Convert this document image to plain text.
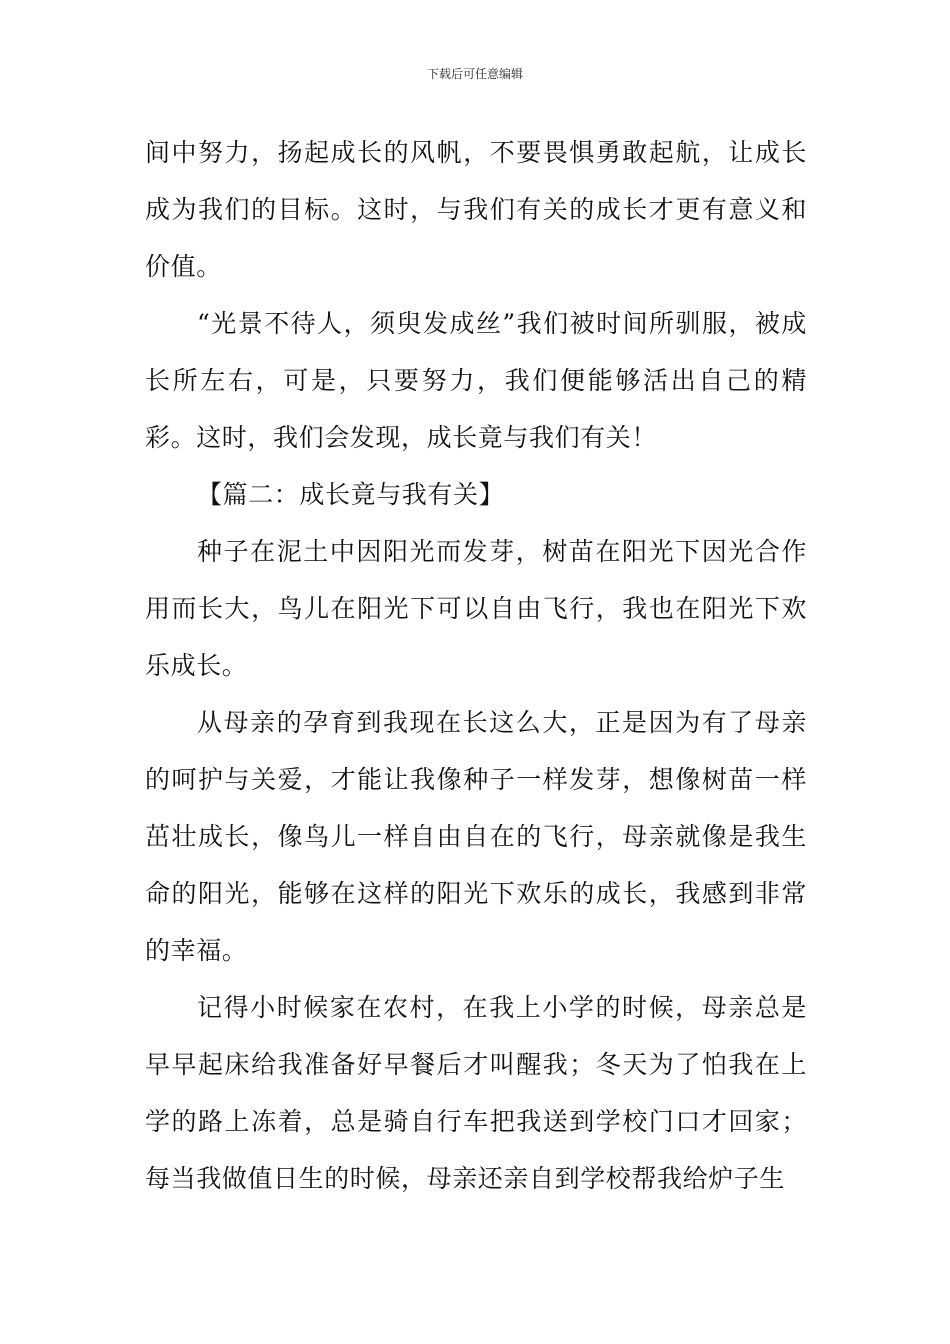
下载后可任意编辑

间中努力，扬起成长的风帆，不要畏惧勇敢起航，让成长成为我们的目标。这时，与我们有关的成长才更有意义和价值。

“光景不待人，须臾发成丝”我们被时间所驯服，被成长所左右，可是，只要努力，我们便能够活出自己的精彩。这时，我们会发现，成长竟与我们有关！

【篇二：成长竟与我有关】

种子在泥土中因阳光而发芽，树苗在阳光下因光合作用而长大，鸟儿在阳光下可以自由飞行，我也在阳光下欢乐成长。

从母亲的孕育到我现在长这么大，正是因为有了母亲的呵护与关爱，才能让我像种子一样发芽，想像树苗一样茁壮成长，像鸟儿一样自由自在的飞行，母亲就像是我生命的阳光，能够在这样的阳光下欢乐的成长，我感到非常的幸福。

记得小时候家在农村，在我上小学的时候，母亲总是早早起床给我准备好早餐后才叫醒我；冬天为了怕我在上学的路上冻着，总是骑自行车把我送到学校门口才回家；每当我做值日生的时候，母亲还亲自到学校帮我给炉子生
